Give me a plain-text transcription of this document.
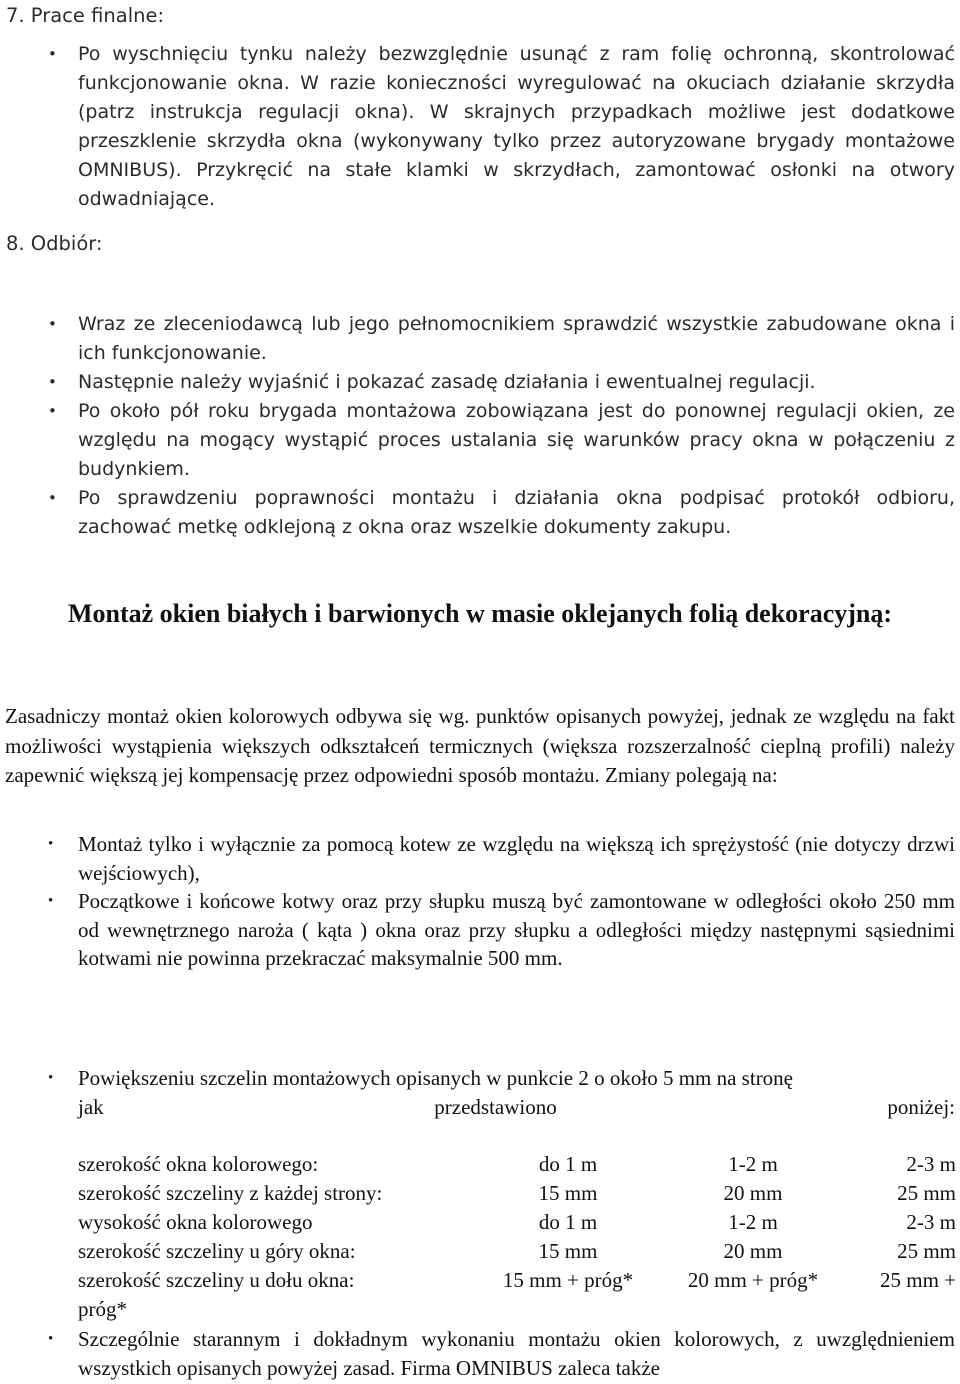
7. Prace finalne:
• Po wyschnięciu tynku należy bezwzględnie usunąć z ram folię ochronną, skontrolować funkcjonowanie okna. W razie konieczności wyregulować na okuciach działanie skrzydła (patrz instrukcja regulacji okna). W skrajnych przypadkach możliwe jest dodatkowe przeszklenie skrzydła okna (wykonywany tylko przez autoryzowane brygady montażowe OMNIBUS). Przykręcić na stałe klamki w skrzydłach, zamontować osłonki na otwory odwadniające.
8. Odbiór:
• Wraz ze zleceniodawcą lub jego pełnomocnikiem sprawdzić wszystkie zabudowane okna i ich funkcjonowanie.
• Następnie należy wyjaśnić i pokazać zasadę działania i ewentualnej regulacji.
• Po około pół roku brygada montażowa zobowiązana jest do ponownej regulacji okien, ze względu na mogący wystąpić proces ustalania się warunków pracy okna w połączeniu z budynkiem.
• Po sprawdzeniu poprawności montażu i działania okna podpisać protokół odbioru, zachować metkę odklejoną z okna oraz wszelkie dokumenty zakupu.
Montaż okien białych i barwionych w masie oklejanych folią dekoracyjną:
Zasadniczy montaż okien kolorowych odbywa się wg. punktów opisanych powyżej, jednak ze względu na fakt możliwości wystąpienia większych odkształceń termicznych (większa rozszerzalność cieplną profili) należy zapewnić większą jej kompensację przez odpowiedni sposób montażu. Zmiany polegają na:
• Montaż tylko i wyłącznie za pomocą kotew ze względu na większą ich sprężystość (nie dotyczy drzwi wejściowych),
• Początkowe i końcowe kotwy oraz przy słupku muszą być zamontowane w odległości około 250 mm od wewnętrznego naroża ( kąta ) okna oraz przy słupku a odległości między następnymi sąsiednimi kotwami nie powinna przekraczać maksymalnie 500 mm.
• Powiększeniu szczelin montażowych opisanych w punkcie 2 o około 5 mm na stronę
jak	przedstawiono	poniżej:
szerokość okna kolorowego:	do 1 m	1-2 m	2-3 m
szerokość szczeliny z każdej strony:	15 mm	20 mm	25 mm
wysokość okna kolorowego	do 1 m	1-2 m	2-3 m
szerokość szczeliny u góry okna:	15 mm	20 mm	25 mm
szerokość szczeliny u dołu okna:	15 mm + próg*	20 mm + próg*	25 mm +
próg*
• Szczególnie starannym i dokładnym wykonaniu montażu okien kolorowych, z uwzględnieniem wszystkich opisanych powyżej zasad. Firma OMNIBUS zaleca także
